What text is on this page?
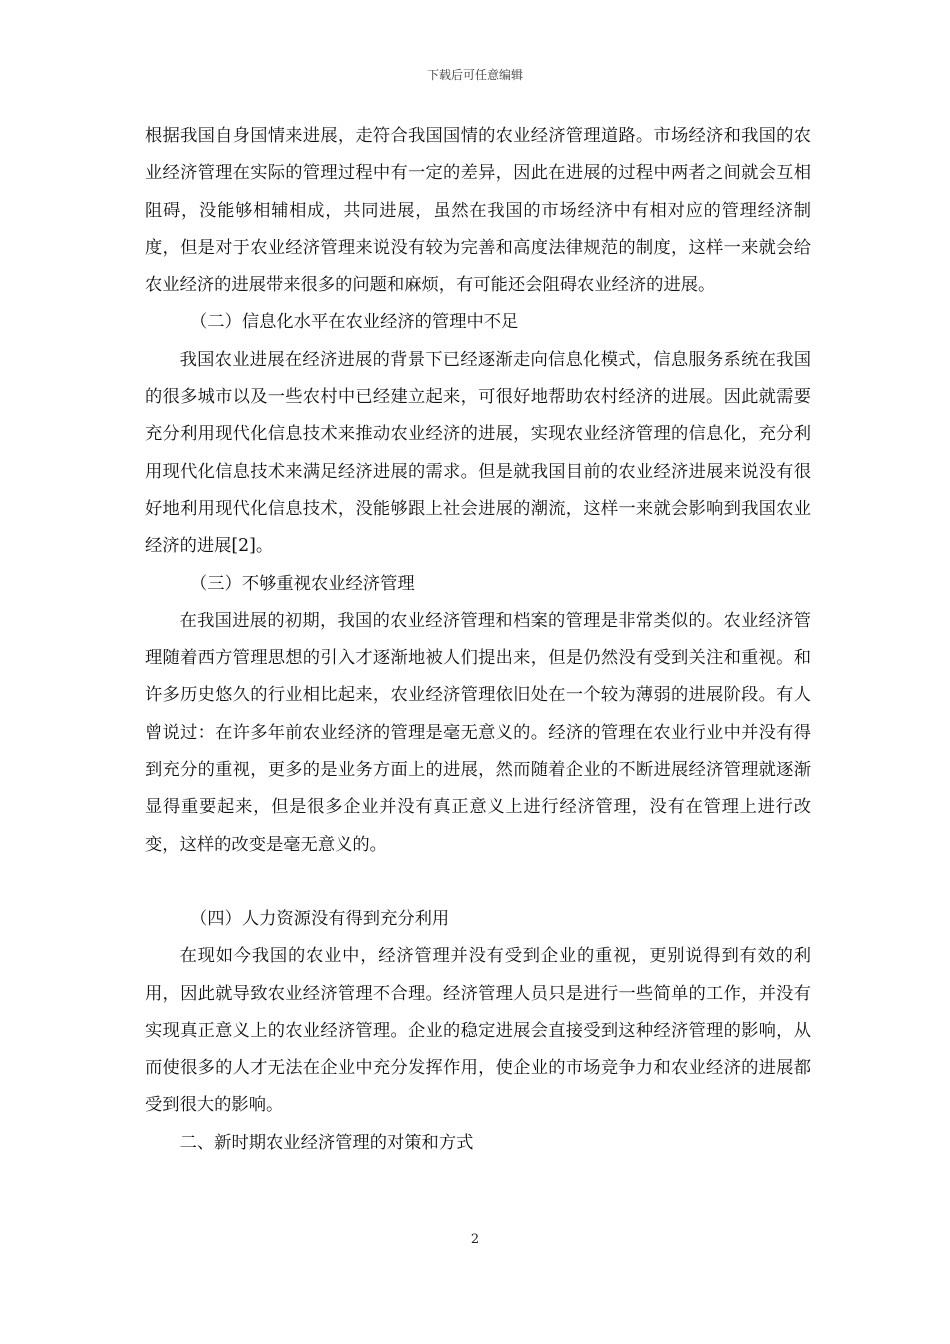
下载后可任意编辑

根据我国自身国情来进展，走符合我国国情的农业经济管理道路。市场经济和我国的农业经济管理在实际的管理过程中有一定的差异，因此在进展的过程中两者之间就会互相阻碍，没能够相辅相成，共同进展，虽然在我国的市场经济中有相对应的管理经济制度，但是对于农业经济管理来说没有较为完善和高度法律规范的制度，这样一来就会给农业经济的进展带来很多的问题和麻烦，有可能还会阻碍农业经济的进展。

（二）信息化水平在农业经济的管理中不足

我国农业进展在经济进展的背景下已经逐渐走向信息化模式，信息服务系统在我国的很多城市以及一些农村中已经建立起来，可很好地帮助农村经济的进展。因此就需要充分利用现代化信息技术来推动农业经济的进展，实现农业经济管理的信息化，充分利用现代化信息技术来满足经济进展的需求。但是就我国目前的农业经济进展来说没有很好地利用现代化信息技术，没能够跟上社会进展的潮流，这样一来就会影响到我国农业经济的进展[2]。

（三）不够重视农业经济管理

在我国进展的初期，我国的农业经济管理和档案的管理是非常类似的。农业经济管理随着西方管理思想的引入才逐渐地被人们提出来，但是仍然没有受到关注和重视。和许多历史悠久的行业相比起来，农业经济管理依旧处在一个较为薄弱的进展阶段。有人曾说过：在许多年前农业经济的管理是毫无意义的。经济的管理在农业行业中并没有得到充分的重视，更多的是业务方面上的进展，然而随着企业的不断进展经济管理就逐渐显得重要起来，但是很多企业并没有真正意义上进行经济管理，没有在管理上进行改变，这样的改变是毫无意义的。

（四）人力资源没有得到充分利用

在现如今我国的农业中，经济管理并没有受到企业的重视，更别说得到有效的利用，因此就导致农业经济管理不合理。经济管理人员只是进行一些简单的工作，并没有实现真正意义上的农业经济管理。企业的稳定进展会直接受到这种经济管理的影响，从而使很多的人才无法在企业中充分发挥作用，使企业的市场竞争力和农业经济的进展都受到很大的影响。

二、新时期农业经济管理的对策和方式

2
